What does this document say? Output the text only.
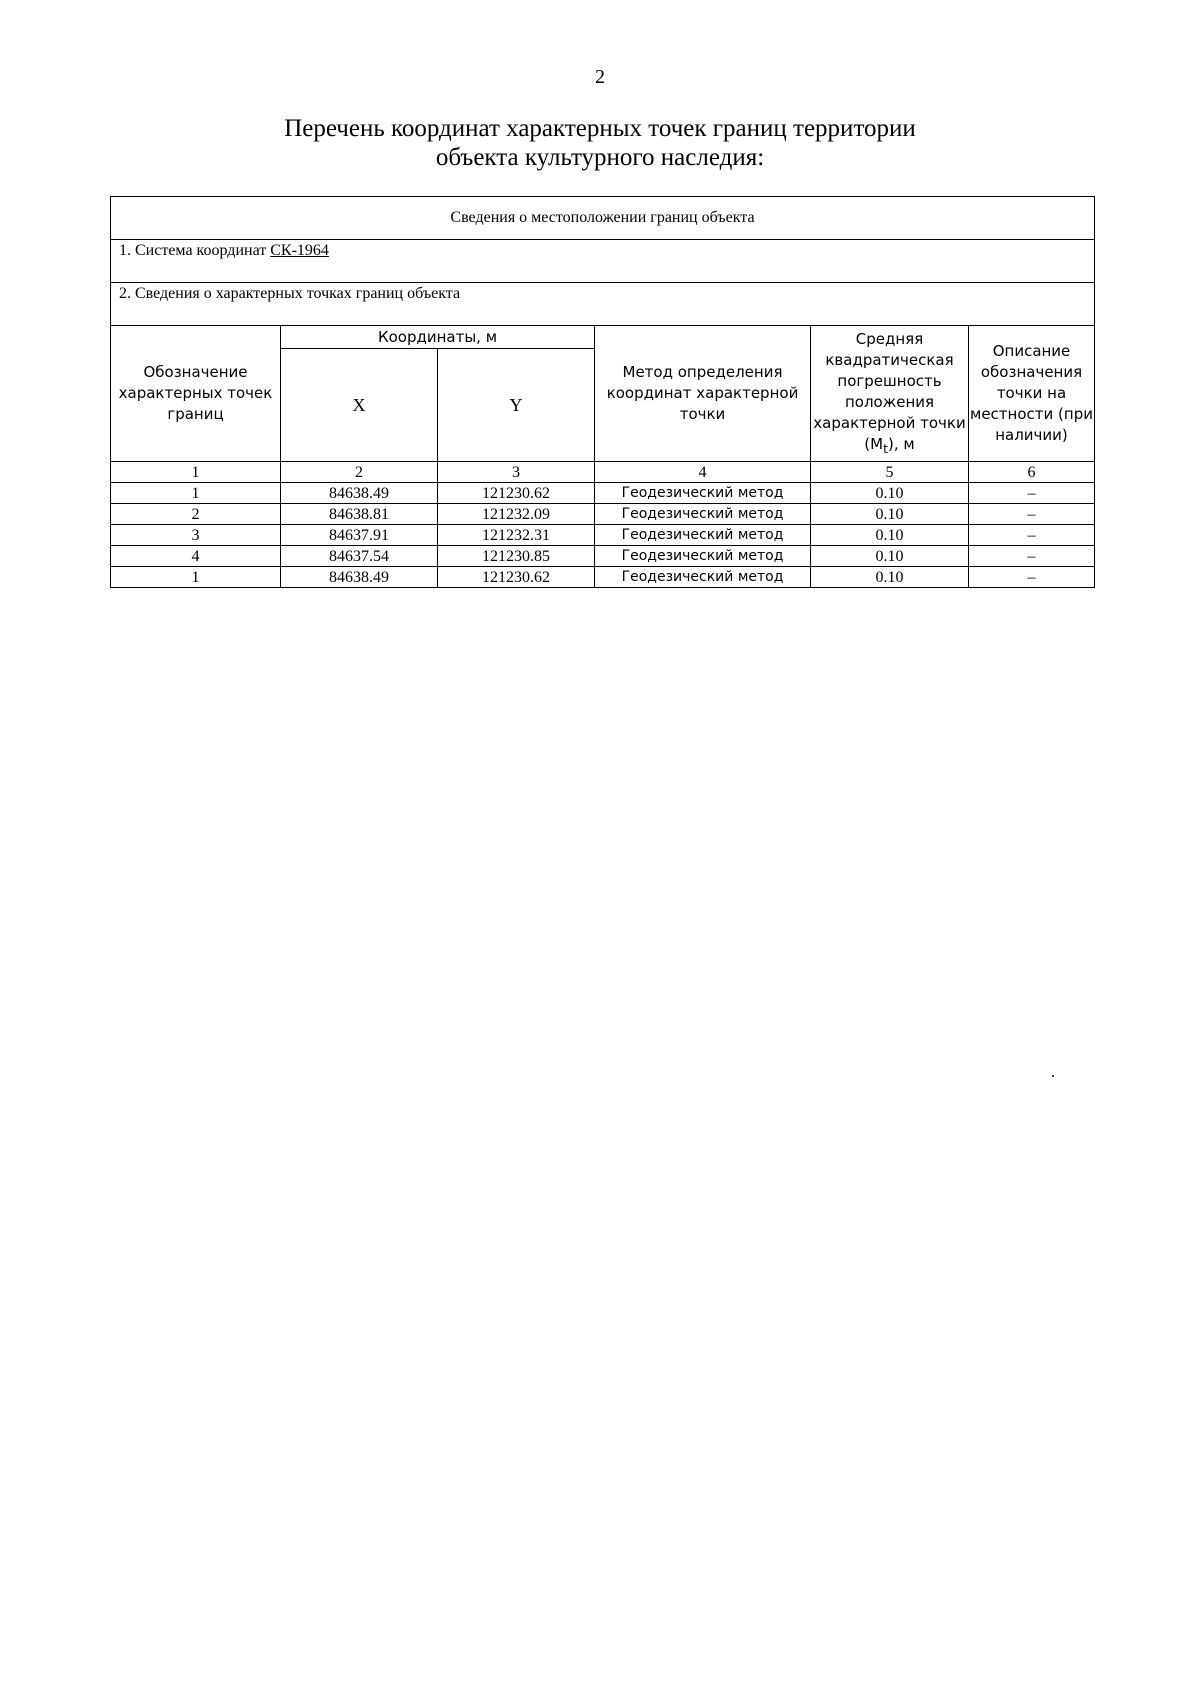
2
Перечень координат характерных точек границ территории
объекта культурного наследия:
Сведения о местоположении границ объекта					
1. Система координат СК-1964					
2. Сведения о характерных точках границ объекта					
Обозначение характерных точек границ	Координаты, м		Метод определения координат характерной точки	Средняя
квадратическая погрешность положения характерной точки $(M_t)$, м	Описание обозначения точки на местности (при наличии)
	X	Y			
1	2	3	4	5	6
1	84638.49	121230.62	Геодезический метод	0.10	–
2	84638.81	121232.09	Геодезический метод	0.10	–
3	84637.91	121232.31	Геодезический метод	0.10	–
4	84637.54	121230.85	Геодезический метод	0.10	–
1	84638.49	121230.62	Геодезический метод	0.10	–
